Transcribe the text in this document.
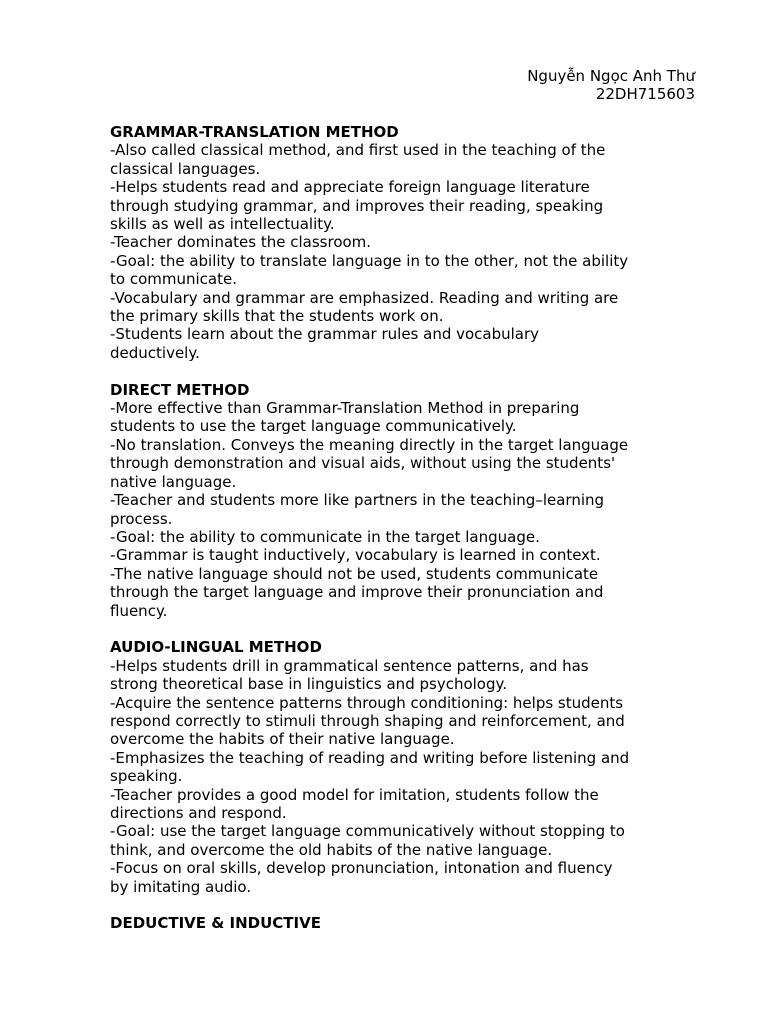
Nguyễn Ngọc Anh Thư
22DH715603
GRAMMAR-TRANSLATION METHOD
-Also called classical method, and first used in the teaching of the
classical languages.
-Helps students read and appreciate foreign language literature
through studying grammar, and improves their reading, speaking
skills as well as intellectuality.
-Teacher dominates the classroom.
-Goal: the ability to translate language in to the other, not the ability
to communicate.
-Vocabulary and grammar are emphasized. Reading and writing are
the primary skills that the students work on.
-Students learn about the grammar rules and vocabulary
deductively.
DIRECT METHOD
-More effective than Grammar-Translation Method in preparing
students to use the target language communicatively.
-No translation. Conveys the meaning directly in the target language
through demonstration and visual aids, without using the students'
native language.
-Teacher and students more like partners in the teaching–learning
process.
-Goal: the ability to communicate in the target language.
-Grammar is taught inductively, vocabulary is learned in context.
-The native language should not be used, students communicate
through the target language and improve their pronunciation and
fluency.
AUDIO-LINGUAL METHOD
-Helps students drill in grammatical sentence patterns, and has
strong theoretical base in linguistics and psychology.
-Acquire the sentence patterns through conditioning: helps students
respond correctly to stimuli through shaping and reinforcement, and
overcome the habits of their native language.
-Emphasizes the teaching of reading and writing before listening and
speaking.
-Teacher provides a good model for imitation, students follow the
directions and respond.
-Goal: use the target language communicatively without stopping to
think, and overcome the old habits of the native language.
-Focus on oral skills, develop pronunciation, intonation and fluency
by imitating audio.
DEDUCTIVE & INDUCTIVE
